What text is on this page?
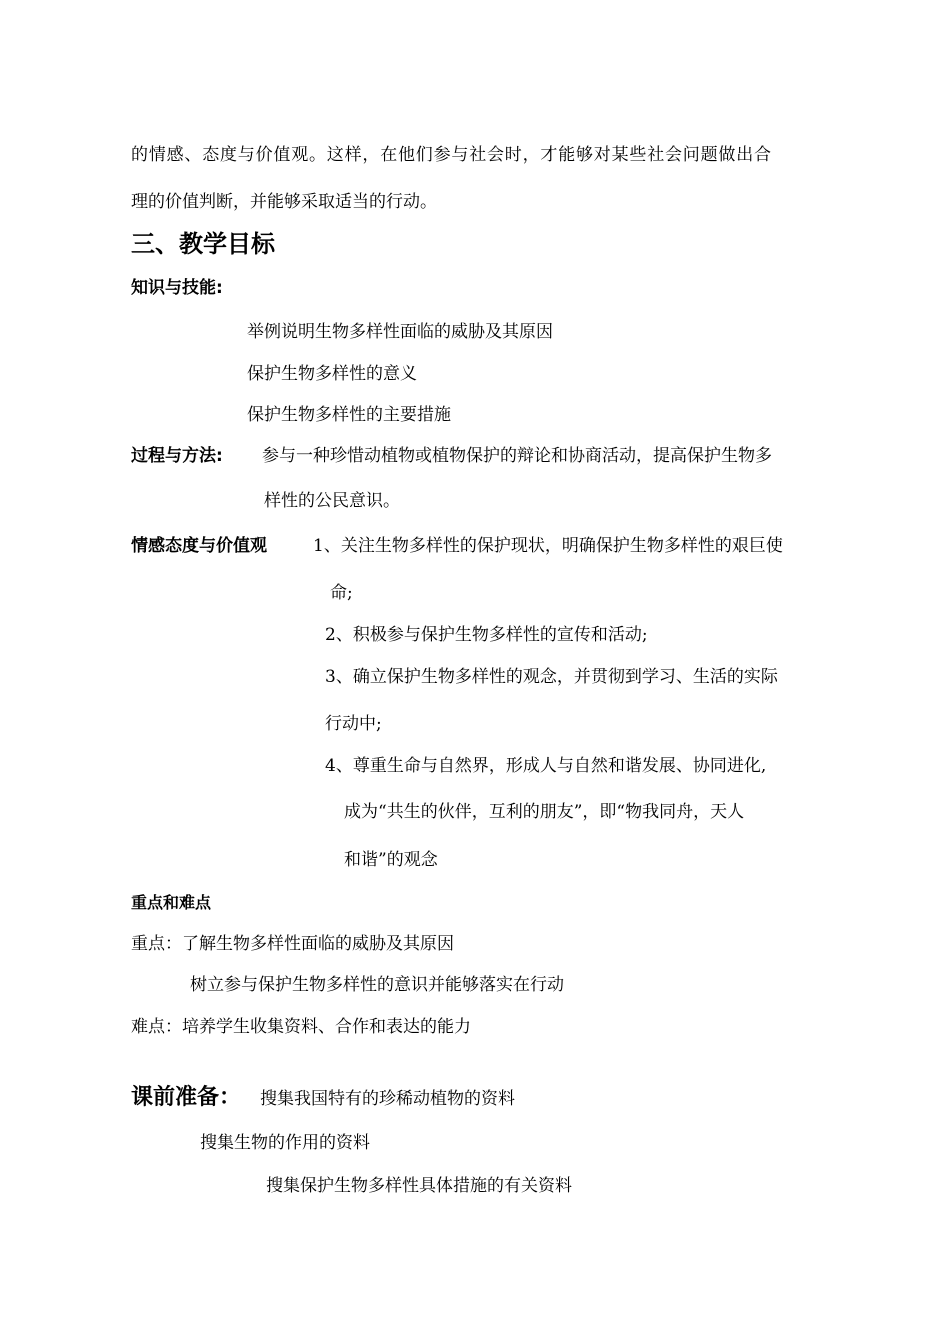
的情感、态度与价值观。这样，在他们参与社会时，才能够对某些社会问题做出合
理的价值判断，并能够采取适当的行动。
三、教学目标
知识与技能:
举例说明生物多样性面临的威胁及其原因
保护生物多样性的意义
保护生物多样性的主要措施
过程与方法: 参与一种珍惜动植物或植物保护的辩论和协商活动，提高保护生物多
样性的公民意识。
情感态度与价值观	1、关注生物多样性的保护现状，明确保护生物多样性的艰巨使
命;
2、积极参与保护生物多样性的宣传和活动;
3、确立保护生物多样性的观念，并贯彻到学习、生活的实际
行动中;
4、尊重生命与自然界，形成人与自然和谐发展、协同进化,
成为“共生的伙伴，互利的朋友”，即“物我同舟，天人
和谐”的观念
重点和难点
重点：了解生物多样性面临的威胁及其原因
树立参与保护生物多样性的意识并能够落实在行动
难点：培养学生收集资料、合作和表达的能力
课前准备： 搜集我国特有的珍稀动植物的资料
搜集生物的作用的资料
搜集保护生物多样性具体措施的有关资料
